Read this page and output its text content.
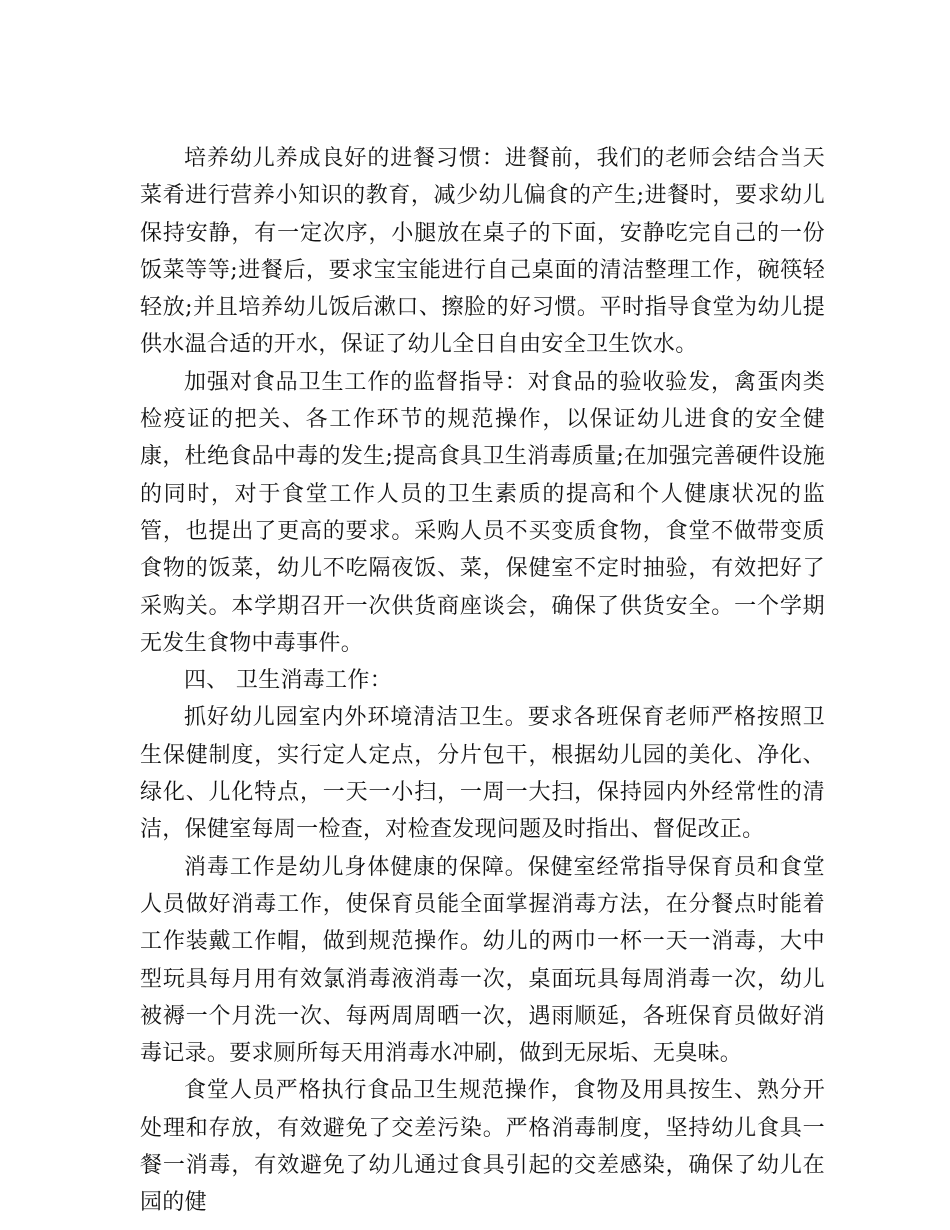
培养幼儿养成良好的进餐习惯：进餐前，我们的老师会结合当天菜肴进行营养小知识的教育，减少幼儿偏食的产生;进餐时，要求幼儿保持安静，有一定次序，小腿放在桌子的下面，安静吃完自己的一份饭菜等等;进餐后，要求宝宝能进行自己桌面的清洁整理工作，碗筷轻轻放;并且培养幼儿饭后漱口、擦脸的好习惯。平时指导食堂为幼儿提供水温合适的开水，保证了幼儿全日自由安全卫生饮水。

加强对食品卫生工作的监督指导：对食品的验收验发，禽蛋肉类检疫证的把关、各工作环节的规范操作，以保证幼儿进食的安全健康，杜绝食品中毒的发生;提高食具卫生消毒质量;在加强完善硬件设施的同时，对于食堂工作人员的卫生素质的提高和个人健康状况的监管，也提出了更高的要求。采购人员不买变质食物，食堂不做带变质食物的饭菜，幼儿不吃隔夜饭、菜，保健室不定时抽验，有效把好了采购关。本学期召开一次供货商座谈会，确保了供货安全。一个学期无发生食物中毒事件。

四、 卫生消毒工作：

抓好幼儿园室内外环境清洁卫生。要求各班保育老师严格按照卫生保健制度，实行定人定点，分片包干，根据幼儿园的美化、净化、绿化、儿化特点，一天一小扫，一周一大扫，保持园内外经常性的清洁，保健室每周一检查，对检查发现问题及时指出、督促改正。

消毒工作是幼儿身体健康的保障。保健室经常指导保育员和食堂人员做好消毒工作，使保育员能全面掌握消毒方法，在分餐点时能着工作装戴工作帽，做到规范操作。幼儿的两巾一杯一天一消毒，大中型玩具每月用有效氯消毒液消毒一次，桌面玩具每周消毒一次，幼儿被褥一个月洗一次、每两周周晒一次，遇雨顺延，各班保育员做好消毒记录。要求厕所每天用消毒水冲刷，做到无尿垢、无臭味。

食堂人员严格执行食品卫生规范操作，食物及用具按生、熟分开处理和存放，有效避免了交差污染。严格消毒制度，坚持幼儿食具一餐一消毒，有效避免了幼儿通过食具引起的交差感染，确保了幼儿在园的健
